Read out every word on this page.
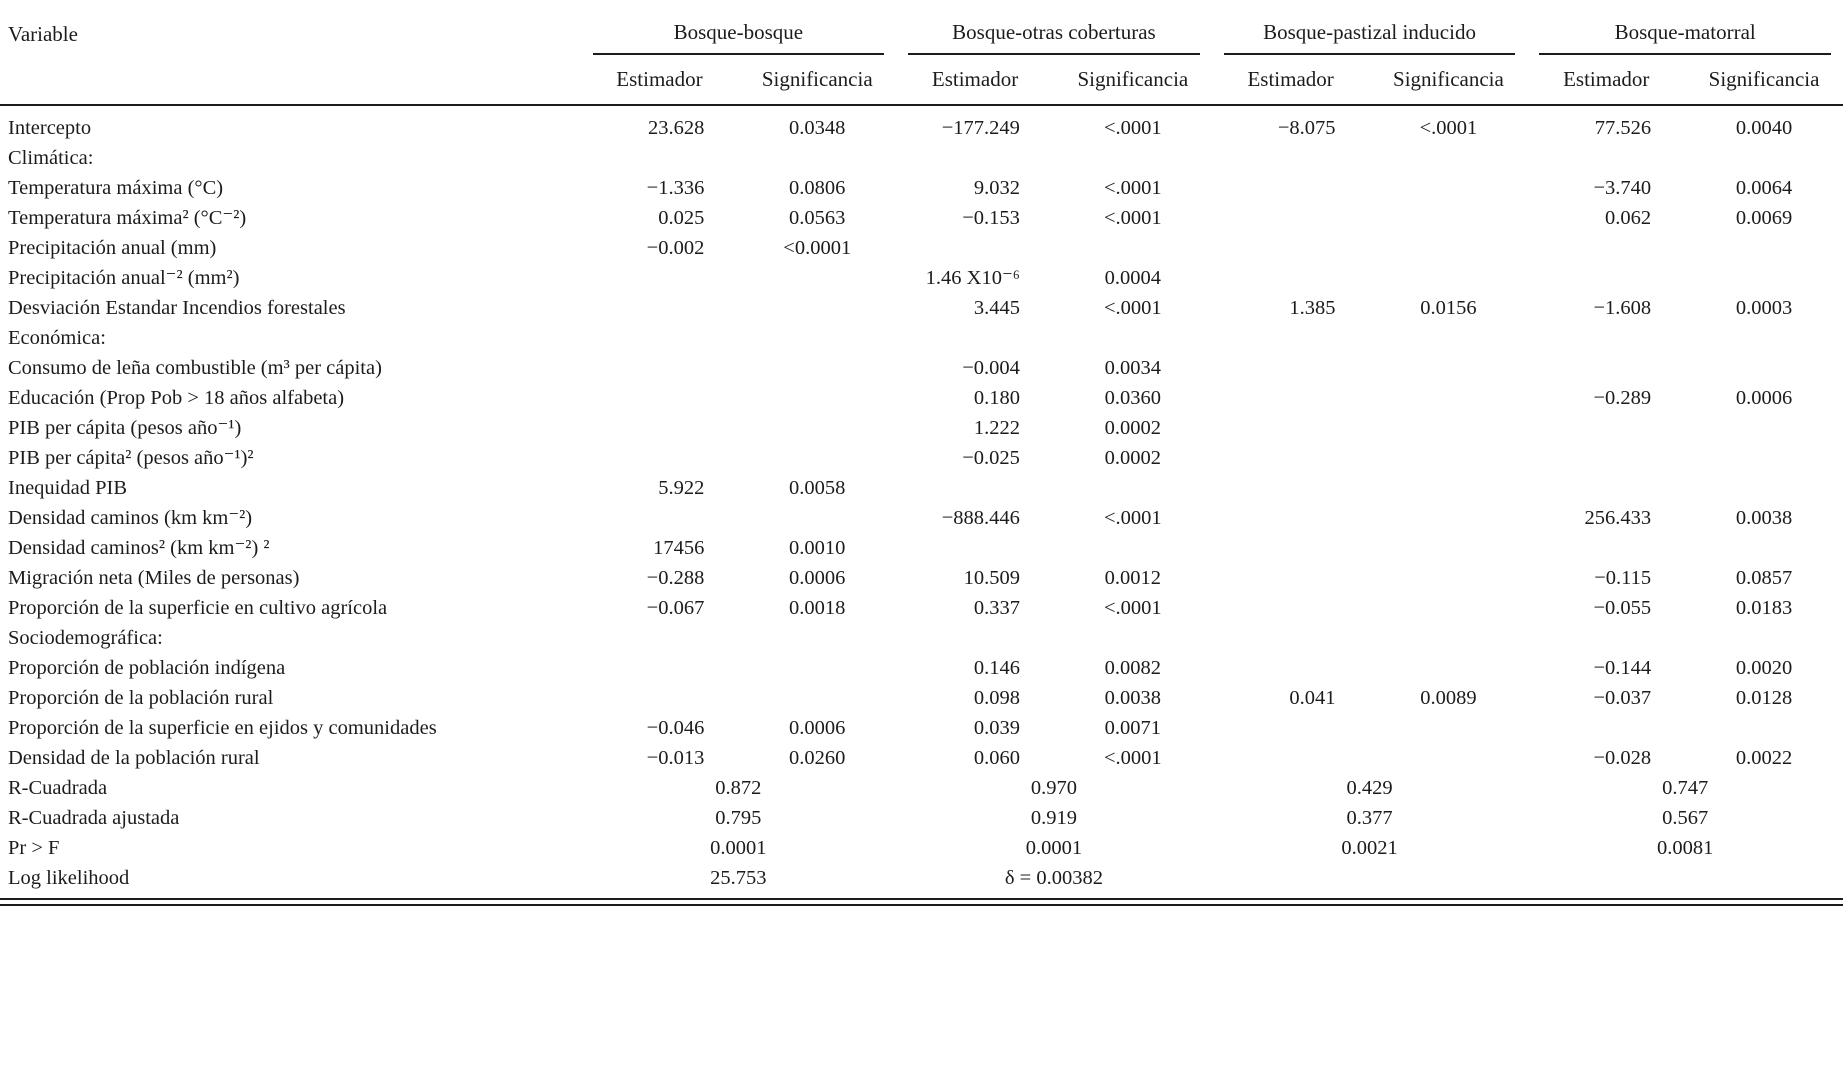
Variable	Bosque-bosque		Bosque-otras coberturas		Bosque-pastizal inducido		Bosque-matorral	
	Estimador	Significancia	Estimador	Significancia	Estimador	Significancia	Estimador	Significancia
Intercepto	23.628	0.0348	−177.249	<.0001	−8.075	<.0001	77.526	0.0040
Climática:								
Temperatura máxima (°C)	−1.336	0.0806	9.032	<.0001			−3.740	0.0064
Temperatura máxima² (°C⁻²)	0.025	0.0563	−0.153	<.0001			0.062	0.0069
Precipitación anual (mm)	−0.002	<0.0001						
Precipitación anual⁻² (mm²)			1.46 X10⁻⁶	0.0004				
Desviación Estandar Incendios forestales			3.445	<.0001	1.385	0.0156	−1.608	0.0003
Económica:								
Consumo de leña combustible (m³ per cápita)			−0.004	0.0034				
Educación (Prop Pob > 18 años alfabeta)			0.180	0.0360			−0.289	0.0006
PIB per cápita (pesos año⁻¹)			1.222	0.0002				
PIB per cápita² (pesos año⁻¹)²			−0.025	0.0002				
Inequidad PIB	5.922	0.0058						
Densidad caminos (km km⁻²)			−888.446	<.0001			256.433	0.0038
Densidad caminos² (km km⁻²) ²	17456	0.0010						
Migración neta (Miles de personas)	−0.288	0.0006	10.509	0.0012			−0.115	0.0857
Proporción de la superficie en cultivo agrícola	−0.067	0.0018	0.337	<.0001			−0.055	0.0183
Sociodemográfica:								
Proporción de población indígena			0.146	0.0082			−0.144	0.0020
Proporción de la población rural			0.098	0.0038	0.041	0.0089	−0.037	0.0128
Proporción de la superficie en ejidos y comunidades	−0.046	0.0006	0.039	0.0071				
Densidad de la población rural	−0.013	0.0260	0.060	<.0001			−0.028	0.0022
R-Cuadrada	0.872		0.970		0.429		0.747	
R-Cuadrada ajustada	0.795		0.919		0.377		0.567	
Pr > F	0.0001		0.0001		0.0021		0.0081	
Log likelihood	25.753		δ = 0.00382					
